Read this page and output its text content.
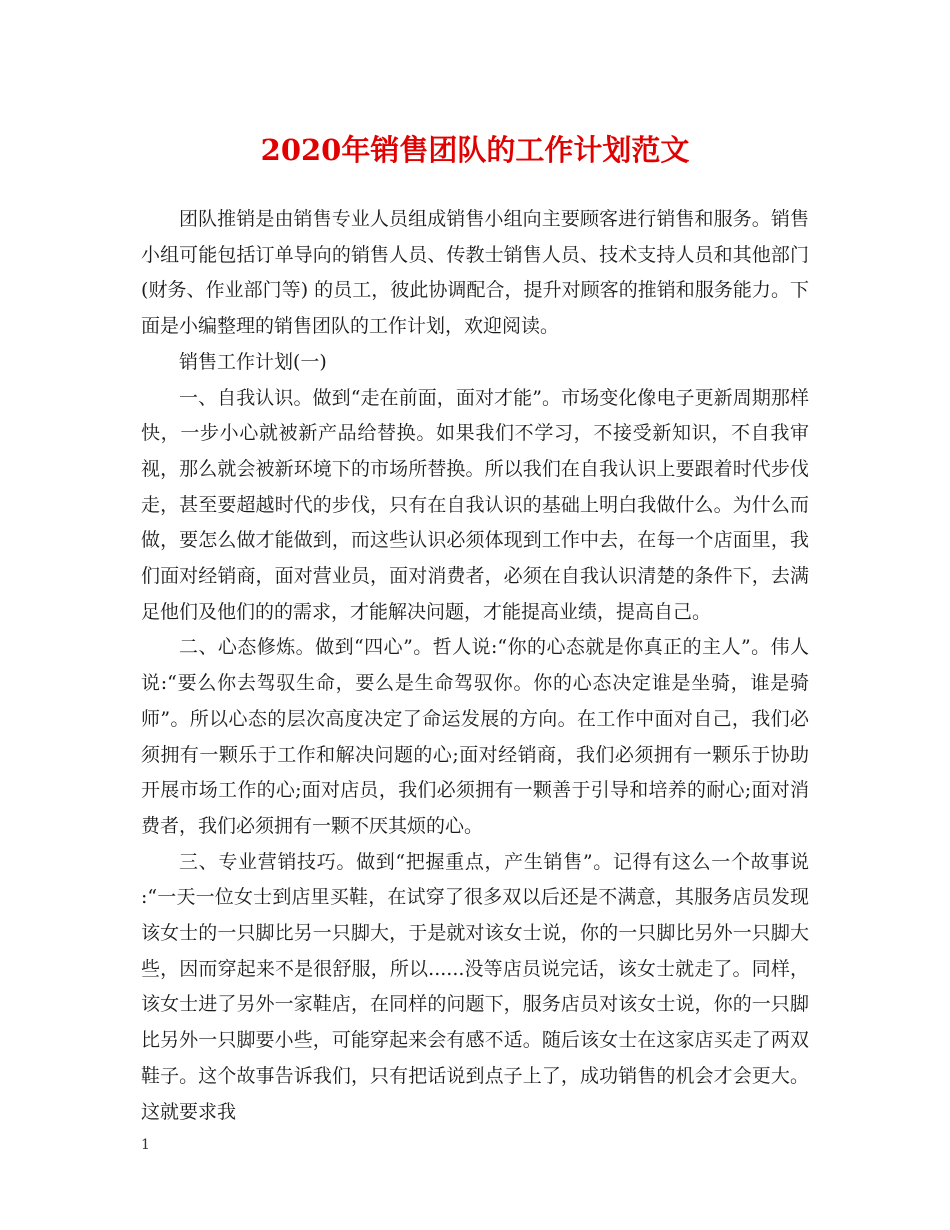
2020年销售团队的工作计划范文

团队推销是由销售专业人员组成销售小组向主要顾客进行销售和服务。销售小组可能包括订单导向的销售人员、传教士销售人员、技术支持人员和其他部门(财务、作业部门等) 的员工，彼此协调配合，提升对顾客的推销和服务能力。下面是小编整理的销售团队的工作计划，欢迎阅读。

销售工作计划(一)

一、自我认识。做到“走在前面，面对才能”。市场变化像电子更新周期那样快，一步小心就被新产品给替换。如果我们不学习，不接受新知识，不自我审视，那么就会被新环境下的市场所替换。所以我们在自我认识上要跟着时代步伐走，甚至要超越时代的步伐，只有在自我认识的基础上明白我做什么。为什么而做，要怎么做才能做到，而这些认识必须体现到工作中去，在每一个店面里，我们面对经销商，面对营业员，面对消费者，必须在自我认识清楚的条件下，去满足他们及他们的的需求，才能解决问题，才能提高业绩，提高自己。

二、心态修炼。做到“四心”。哲人说:“你的心态就是你真正的主人”。伟人说:“要么你去驾驭生命，要么是生命驾驭你。你的心态决定谁是坐骑，谁是骑师”。所以心态的层次高度决定了命运发展的方向。在工作中面对自己，我们必须拥有一颗乐于工作和解决问题的心;面对经销商，我们必须拥有一颗乐于协助开展市场工作的心;面对店员，我们必须拥有一颗善于引导和培养的耐心;面对消费者，我们必须拥有一颗不厌其烦的心。

三、专业营销技巧。做到“把握重点，产生销售”。记得有这么一个故事说 :“一天一位女士到店里买鞋，在试穿了很多双以后还是不满意，其服务店员发现该女士的一只脚比另一只脚大，于是就对该女士说，你的一只脚比另外一只脚大些，因而穿起来不是很舒服，所以......没等店员说完话，该女士就走了。同样，该女士进了另外一家鞋店，在同样的问题下，服务店员对该女士说，你的一只脚比另外一只脚要小些，可能穿起来会有感不适。随后该女士在这家店买走了两双鞋子。这个故事告诉我们，只有把话说到点子上了，成功销售的机会才会更大。这就要求我

1
